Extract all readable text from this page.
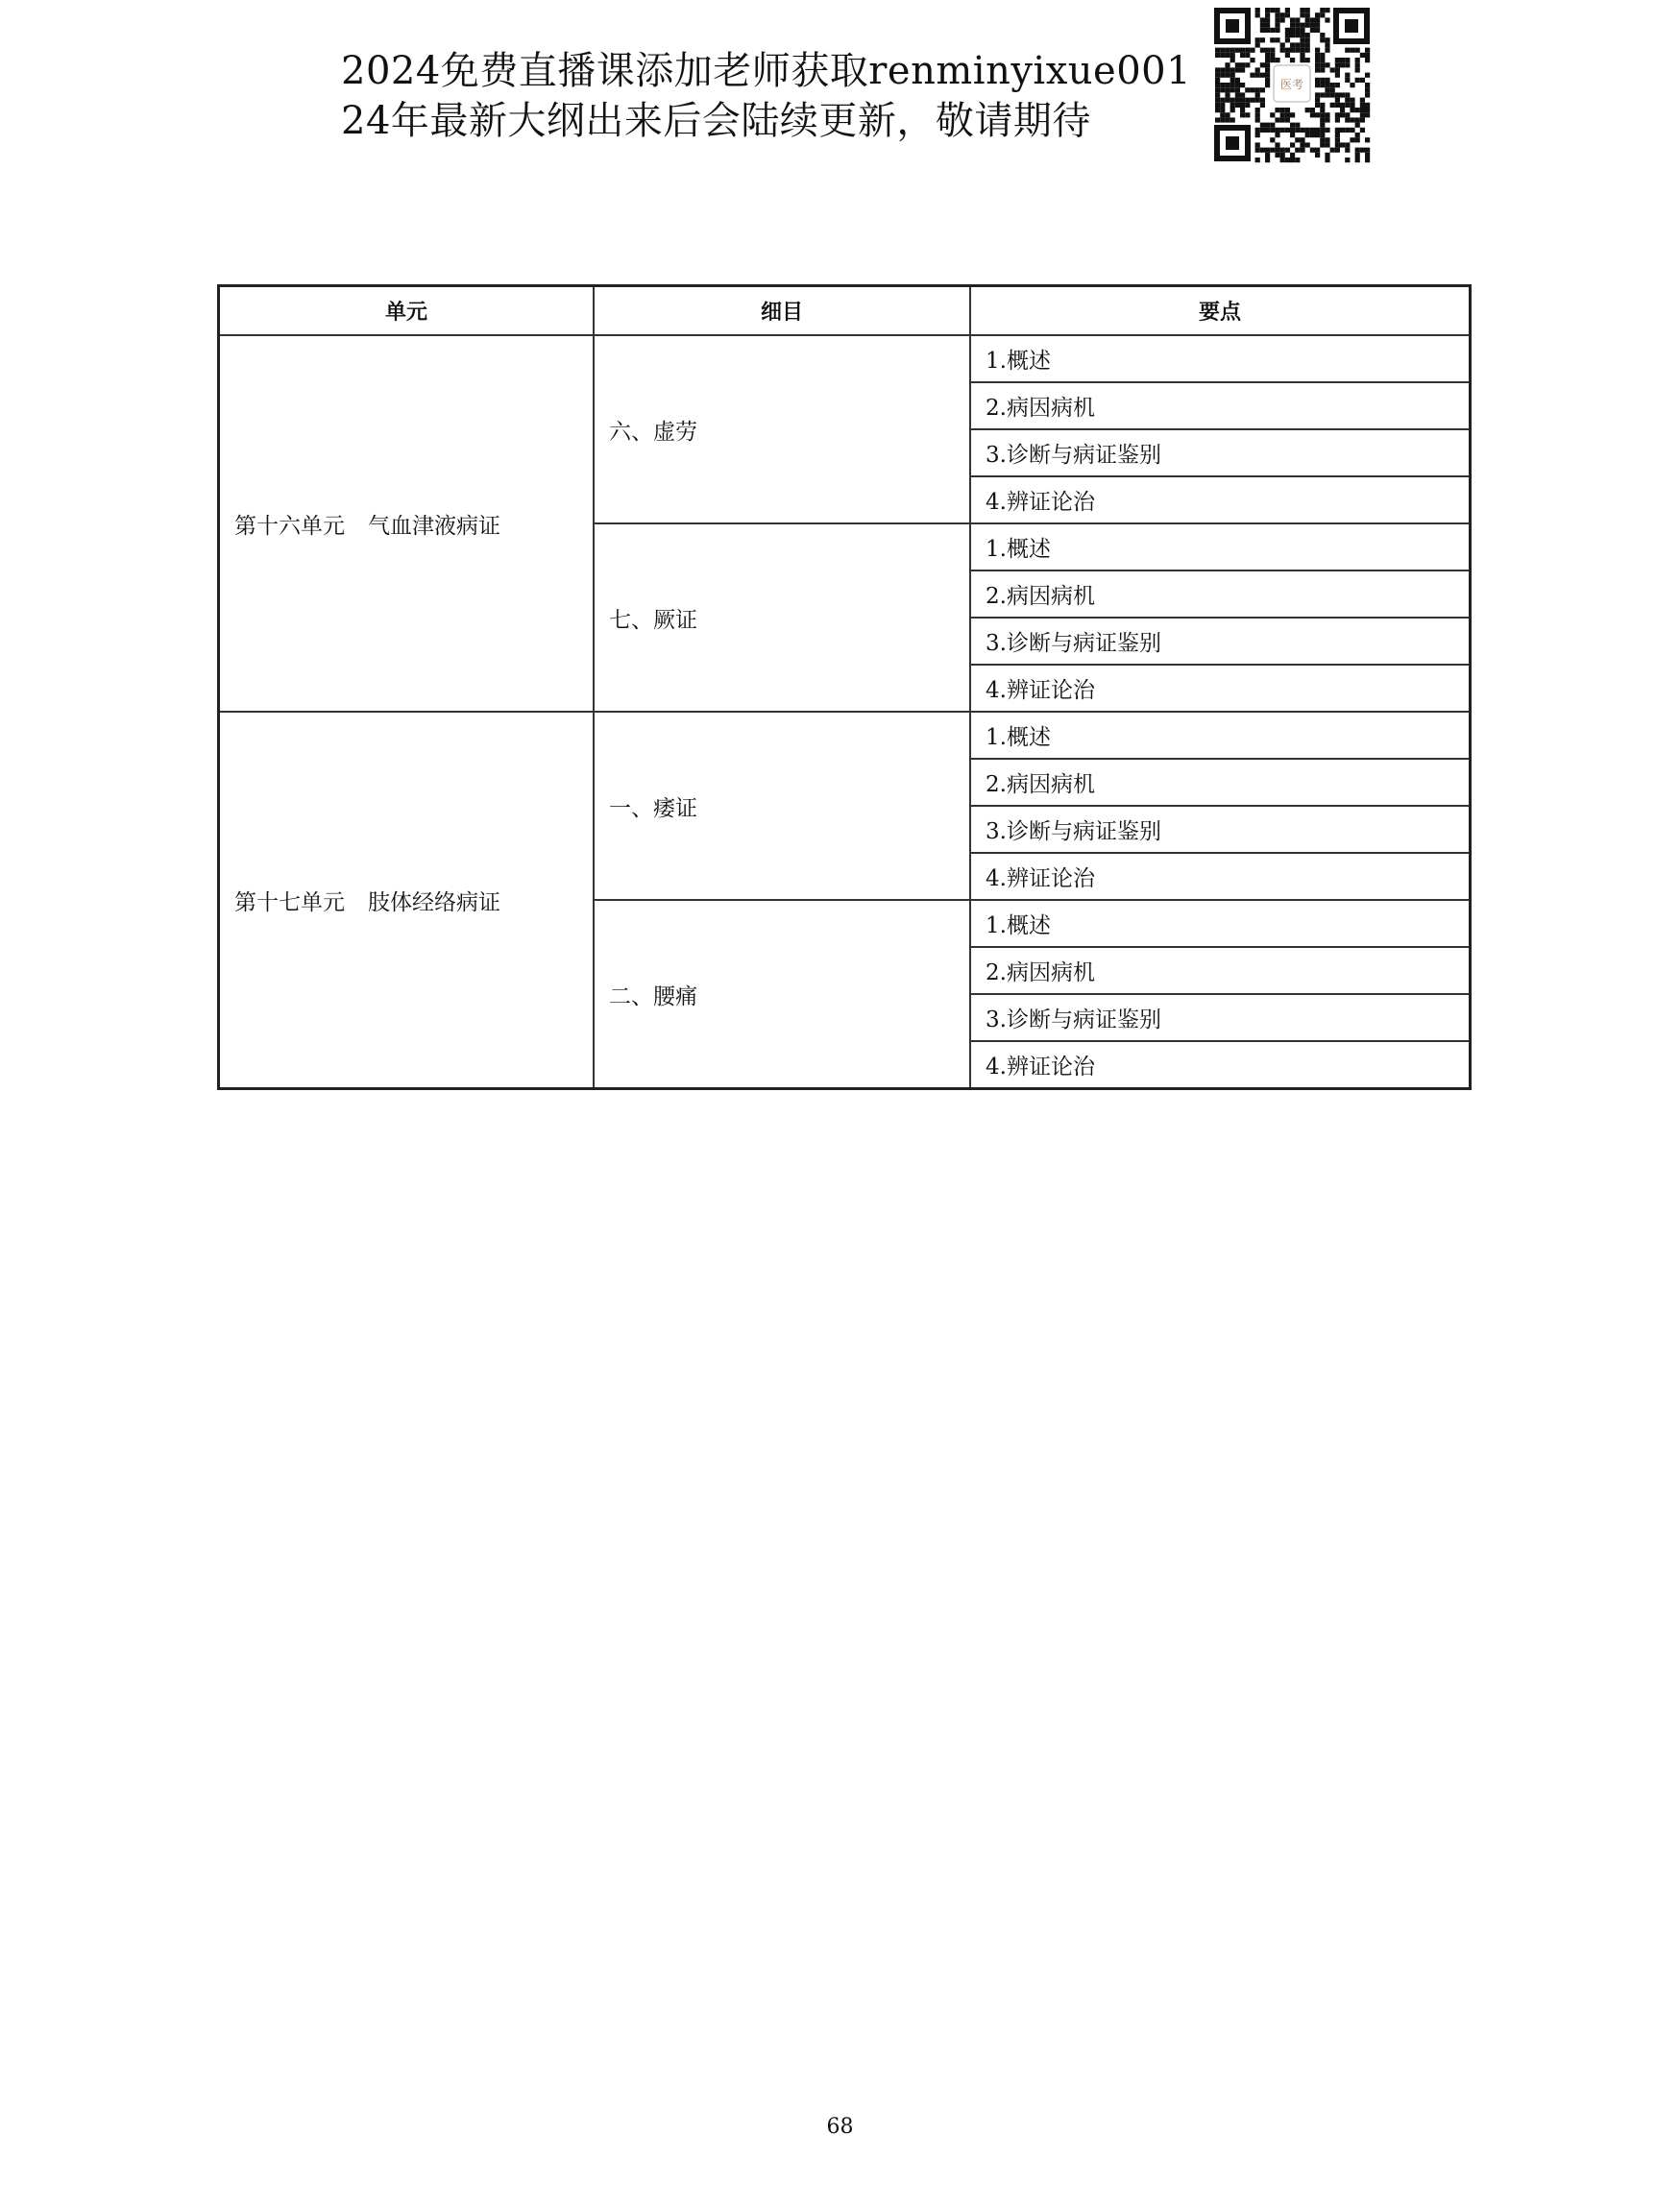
2024免费直播课添加老师获取renminyixue001
24年最新大纲出来后会陆续更新，敬请期待
医考
单元	细目	要点
第十六单元 气血津液病证	六、虚劳	1.概述
		2.病因病机
		3.诊断与病证鉴别
		4.辨证论治
	七、厥证	1.概述
		2.病因病机
		3.诊断与病证鉴别
		4.辨证论治
第十七单元 肢体经络病证	一、痿证	1.概述
		2.病因病机
		3.诊断与病证鉴别
		4.辨证论治
	二、腰痛	1.概述
		2.病因病机
		3.诊断与病证鉴别
		4.辨证论治
68
